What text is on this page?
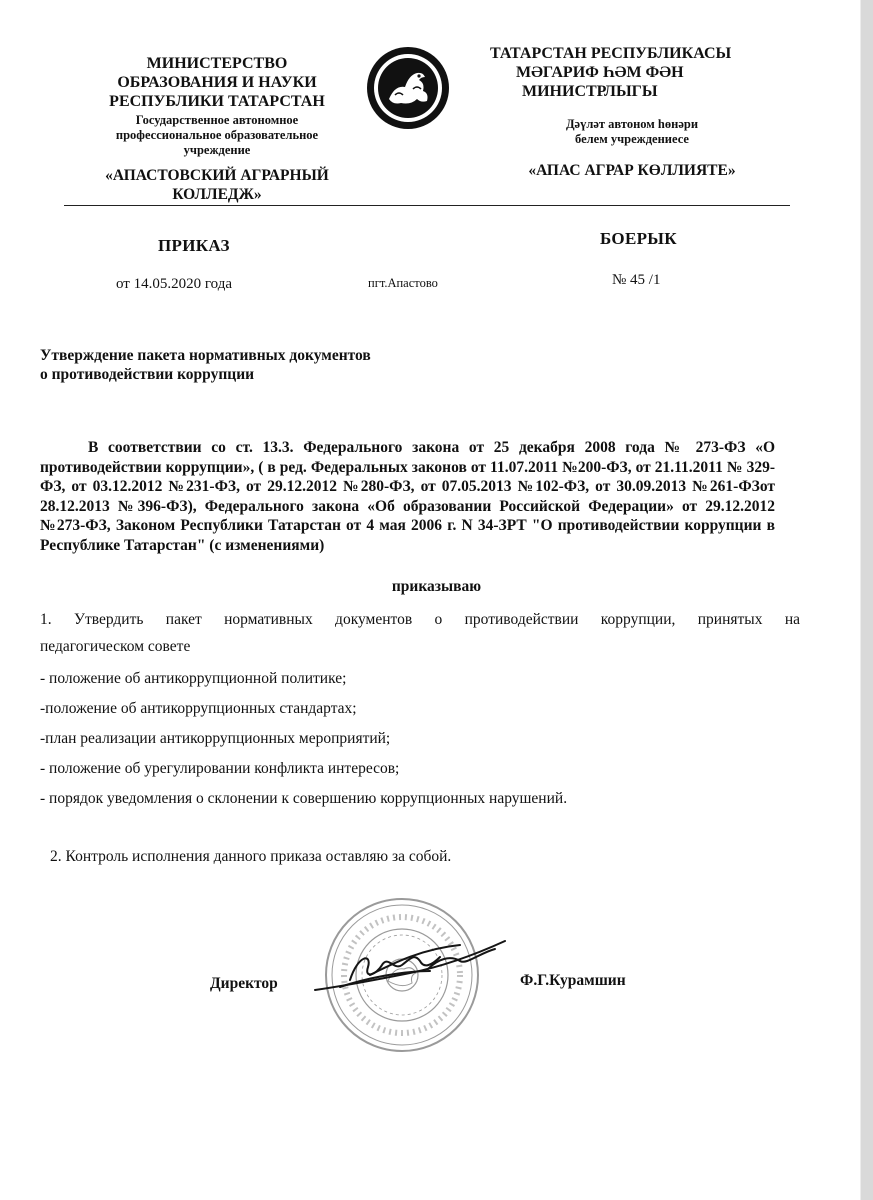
МИНИСТЕРСТВО
ОБРАЗОВАНИЯ И НАУКИ
РЕСПУБЛИКИ ТАТАРСТАН
Государственное автономное
профессиональное образовательное
учреждение
«АПАСТОВСКИЙ АГРАРНЫЙ
КОЛЛЕДЖ»
ТАТАРСТАН РЕСПУБЛИКАСЫ
МӘГАРИФ ҺӘМ ФӘН
МИНИСТРЛЫГЫ
Дәүләт автоном һөнәри
белем учреждениесе
«АПАС АГРАР КӨЛЛИЯТЕ»
ПРИКАЗ	БОЕРЫК
от 14.05.2020 года	пгт.Апастово	№ 45 /1
Утверждение пакета нормативных документов
о противодействии коррупции
В соответствии со ст. 13.3. Федерального закона от 25 декабря 2008 года № 273-ФЗ «О противодействии коррупции», ( в ред. Федеральных законов от 11.07.2011 №200-ФЗ, от 21.11.2011 № 329-ФЗ, от 03.12.2012 №231-ФЗ, от 29.12.2012 №280-ФЗ, от 07.05.2013 №102-ФЗ, от 30.09.2013 №261-ФЗот 28.12.2013 №396-ФЗ), Федерального закона «Об образовании Российской Федерации» от 29.12.2012 №273-ФЗ, Законом Республики Татарстан от 4 мая 2006 г. N 34-ЗРТ "О противодействии коррупции в Республике Татарстан" (с изменениями)
приказываю
1. Утвердить пакет нормативных документов о противодействии коррупции, принятых на
педагогическом совете
- положение об антикоррупционной политике;
-положение об антикоррупционных стандартах;
-план реализации антикоррупционных мероприятий;
- положение об урегулировании конфликта интересов;
- порядок уведомления о склонении к совершению коррупционных нарушений.
2. Контроль исполнения данного приказа оставляю за собой.
Директор	Ф.Г.Курамшин
